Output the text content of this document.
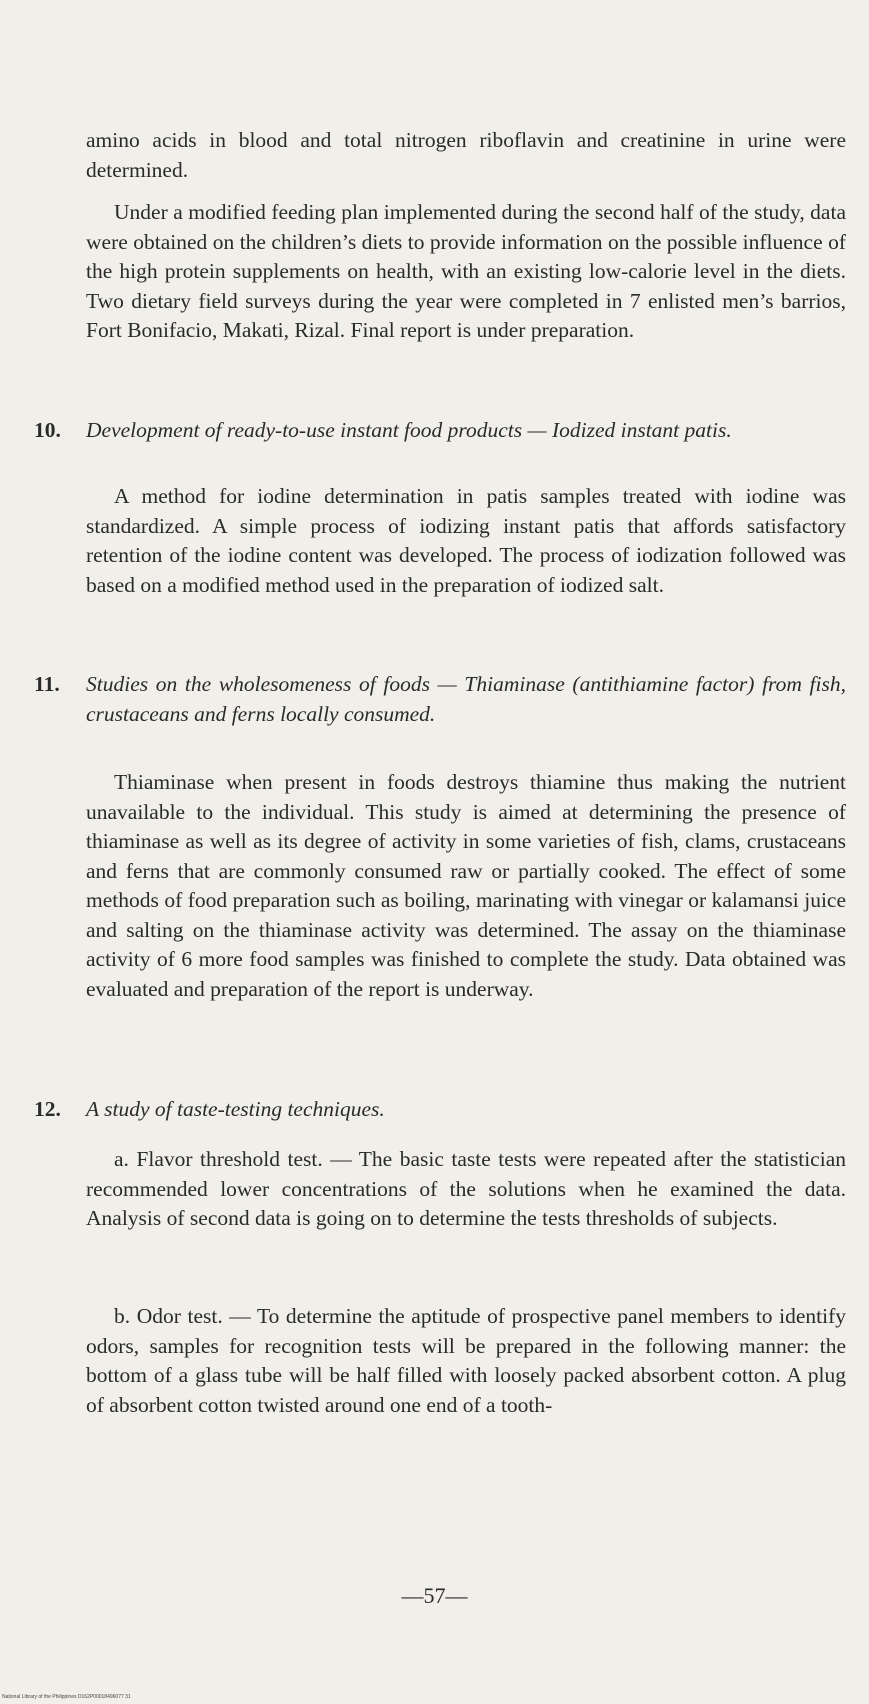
amino acids in blood and total nitrogen riboflavin and creatinine in urine were determined.

Under a modified feeding plan implemented during the second half of the study, data were obtained on the children’s diets to provide information on the possible influence of the high protein supplements on health, with an existing low-calorie level in the diets. Two dietary field surveys during the year were completed in 7 enlisted men’s barrios, Fort Bonifacio, Makati, Rizal. Final report is under preparation.

10.	Development of ready-to-use instant food products — Iodized instant patis.

A method for iodine determination in patis samples treated with iodine was standardized. A simple process of iodizing instant patis that affords satisfactory retention of the iodine content was developed. The process of iodization followed was based on a modified method used in the preparation of iodized salt.

11.	Studies on the wholesomeness of foods — Thiaminase (antithiamine factor) from fish, crustaceans and ferns locally consumed.

Thiaminase when present in foods destroys thiamine thus making the nutrient unavailable to the individual. This study is aimed at determining the presence of thiaminase as well as its degree of activity in some varieties of fish, clams, crustaceans and ferns that are commonly consumed raw or partially cooked. The effect of some methods of food preparation such as boiling, marinating with vinegar or kalamansi juice and salting on the thiaminase activity was determined. The assay on the thiaminase activity of 6 more food samples was finished to complete the study. Data obtained was evaluated and preparation of the report is underway.

12.	A study of taste-testing techniques.

a. Flavor threshold test. — The basic taste tests were repeated after the statistician recommended lower concentrations of the solutions when he examined the data. Analysis of second data is going on to determine the tests thresholds of subjects.

b. Odor test. — To determine the aptitude of prospective panel members to identify odors, samples for recognition tests will be prepared in the following manner: the bottom of a glass tube will be half filled with loosely packed absorbent cotton. A plug of absorbent cotton twisted around one end of a tooth-

—57—

National Library of the Philippines D162P00018496077 31
